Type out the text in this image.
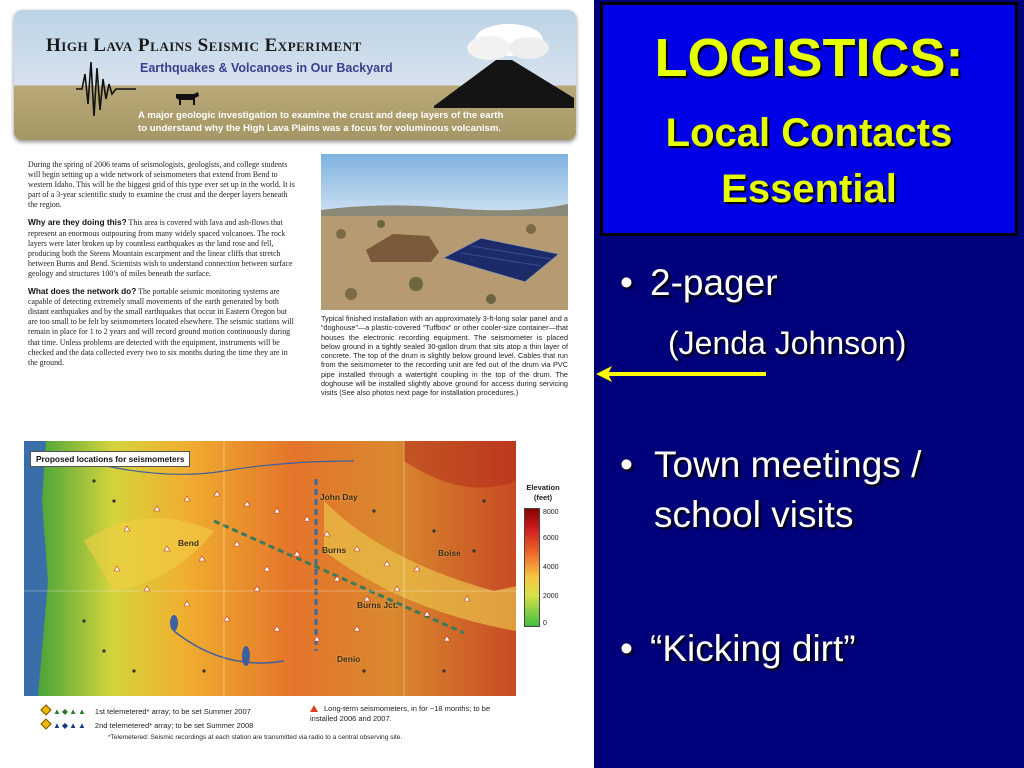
High Lava Plains Seismic Experiment
Earthquakes & Volcanoes in Our Backyard
A major geologic investigation to examine the crust and deep layers of the earth
to understand why the High Lava Plains was a focus for voluminous volcanism.

During the spring of 2006 teams of seismologists, geologists, and college students will begin setting up a wide network of seismometers that extend from Bend to western Idaho. This will be the biggest grid of this type ever set up in the world. It is part of a 3-year scientific study to examine the crust and the deeper layers beneath the region.

Why are they doing this? This area is covered with lava and ash-flows that represent an enormous outpouring from many widely spaced volcanoes. The rock layers were later broken up by countless earthquakes as the land rose and fell, producing both the Steens Mountain escarpment and the linear cliffs that stretch between Burns and Bend. Scientists wish to understand connection between surface geology and structures 100’s of miles beneath the surface.

What does the network do? The portable seismic monitoring systems are capable of detecting extremely small movements of the earth generated by both distant earthquakes and by the small earthquakes that occur in Eastern Oregon but are too small to be felt by seismometers located elsewhere. The seismic stations will remain in place for 1 to 2 years and will record ground motion continuously during that time. Unless problems are detected with the equipment, instruments will be checked and the data collected every two to six months during the time they are in the ground.

Typical finished installation with an approximately 3-ft-long solar panel and a “doghouse”—a plastic-covered “Tuffbox” or other cooler-size container—that houses the electronic recording equipment. The seismometer is placed below ground in a tightly sealed 30-gallon drum that sits atop a thin layer of concrete. The top of the drum is slightly below ground level. Cables that run from the seismometer to the recording unit are fed out of the drum via PVC pipe installed through a watertight coupling in the top of the drum. The doghouse will be installed slightly above ground for access during servicing visits (See also photos next page for installation procedures.)
Proposed locations for seismometers
John Day
Bend
Burns	Boise
Burns Jct.
Denio
Elevation (feet)
8000
6000
4000
2000
0
▲◆▲▲ 1st telemetered* array; to be set Summer 2007
▲◆▲▲ 2nd telemetered* array; to be set Summer 2008
Long-term seismometers, in for ~18 months; to be installed 2006 and 2007.
*Telemetered: Seismic recordings at each station are transmitted via radio to a central observing site.
LOGISTICS:
Local Contacts
Essential
• 2-pager
(Jenda Johnson)
• Town meetings / school visits
• “Kicking dirt”
